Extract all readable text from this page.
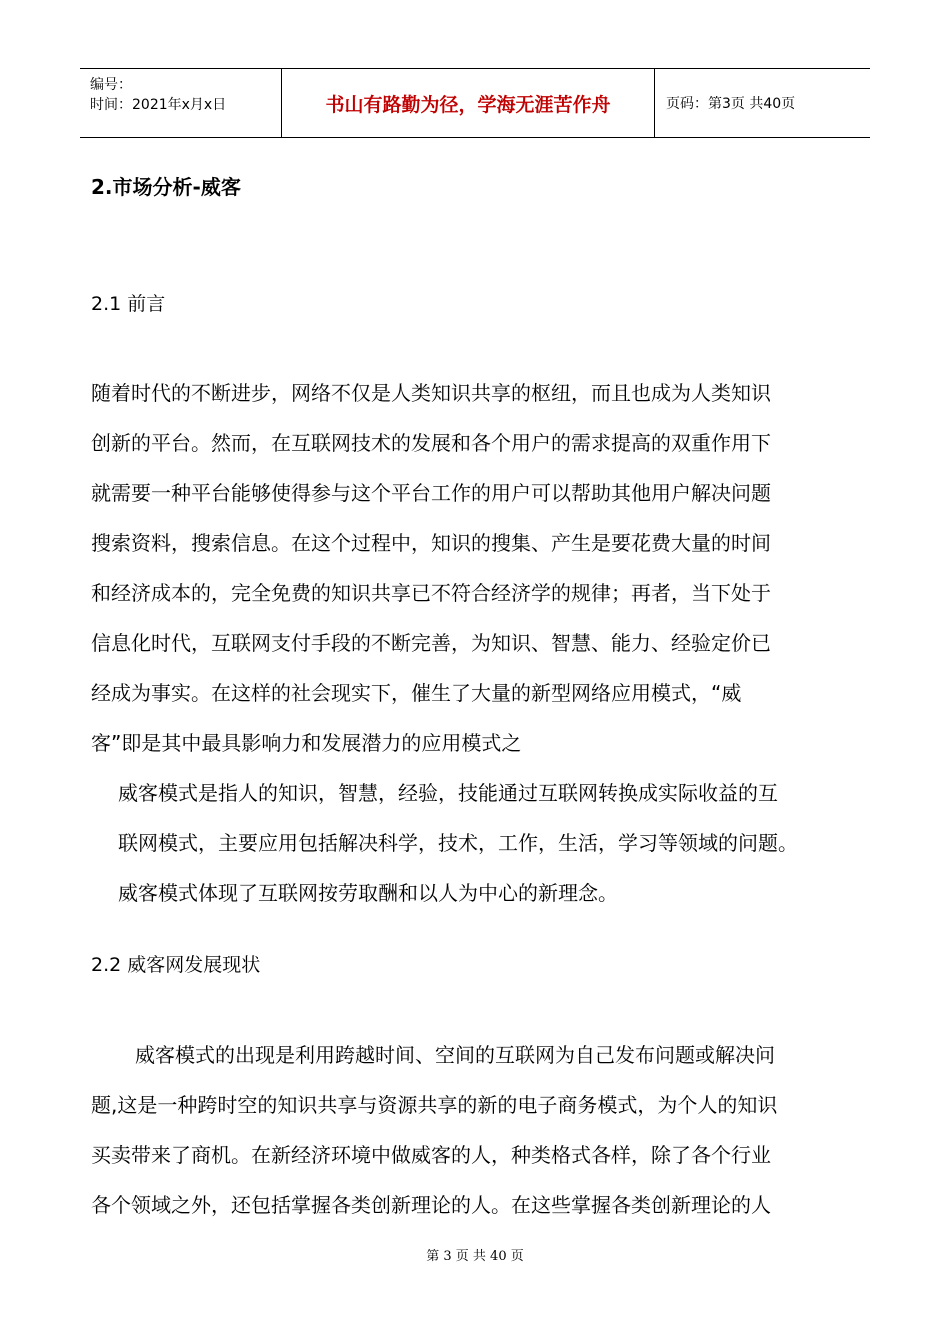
编号：
时间：2021年x月x日	书山有路勤为径，学海无涯苦作舟	页码：第3页 共40页
2.市场分析-威客
2.1 前言

随着时代的不断进步，网络不仅是人类知识共享的枢纽，而且也成为人类知识

创新的平台。然而，在互联网技术的发展和各个用户的需求提高的双重作用下

就需要一种平台能够使得参与这个平台工作的用户可以帮助其他用户解决问题

搜索资料，搜索信息。在这个过程中，知识的搜集、产生是要花费大量的时间

和经济成本的，完全免费的知识共享已不符合经济学的规律；再者，当下处于

信息化时代，互联网支付手段的不断完善，为知识、智慧、能力、经验定价已

经成为事实。在这样的社会现实下，催生了大量的新型网络应用模式，“威

客”即是其中最具影响力和发展潜力的应用模式之

威客模式是指人的知识，智慧，经验，技能通过互联网转换成实际收益的互

联网模式，主要应用包括解决科学，技术，工作，生活，学习等领域的问题。

威客模式体现了互联网按劳取酬和以人为中心的新理念。

2.2 威客网发展现状

威客模式的出现是利用跨越时间、空间的互联网为自己发布问题或解决问

题,这是一种跨时空的知识共享与资源共享的新的电子商务模式，为个人的知识

买卖带来了商机。在新经济环境中做威客的人，种类格式各样，除了各个行业

各个领域之外，还包括掌握各类创新理论的人。在这些掌握各类创新理论的人

第 3 页 共 40 页
